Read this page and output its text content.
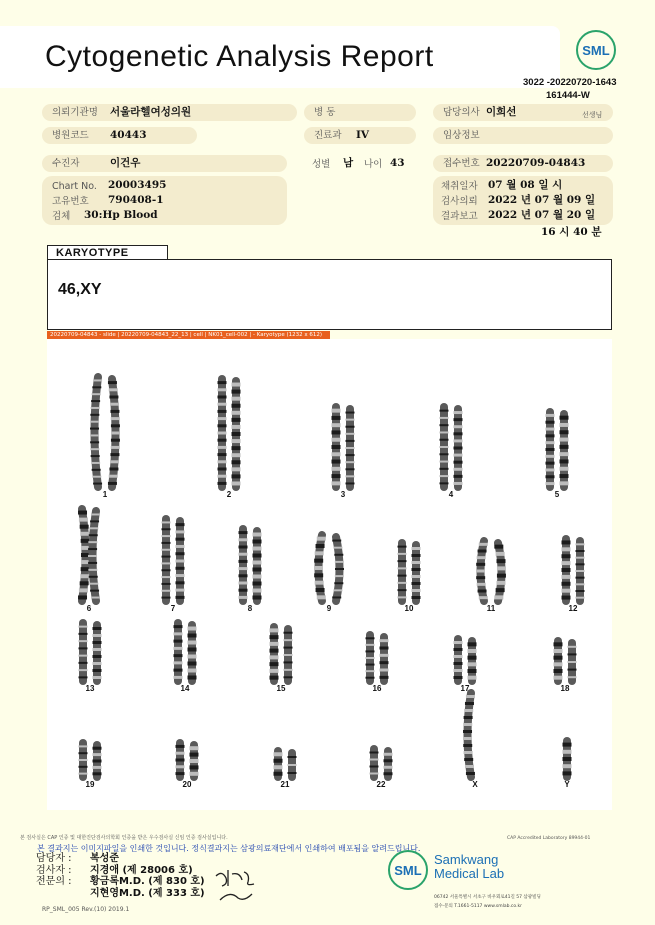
Cytogenetic Analysis Report	SML
3022 -20220720-1643
161444-W
의뢰기관명	서울라헬여성의원	병 동	담당의사 이희선	선생님
병원코드	40443	진료과	IV	임상정보
수진자	이건우	성별 남 나이 43	접수번호 20220709-04843
Chart No. 20003495
고유번호 790408-1
검체 30:Hp Blood
채취일자 07 월 08 일 시
검사의뢰 2022 년 07 월 09 일
결과보고 2022 년 07 월 20 일
16 시 40 분
KARYOTYPE
46,XY
20220709-04843 - slide | 20220709-04843_22_13 | cell | NK01_cell-002 | - Karyotype (1232 x 612)
1	2	3	4	5
6	7	8	9	10	11	12
13	14	15	16	17	18
19	20	21	22	X	Y
본 검사실은 CAP 인증 및 대한진단검사의학회 인증을 받은 우수검사실 신임 인증 검사실입니다.	CAP Accredited Laboratory 89944-01
본 결과지는 이미지파일을 인쇄한 것입니다. 정식결과지는 삼광의료재단에서 인쇄하여 배포됨을 알려드립니다.
담당자 :
검사자 :
전문의 :
복성준
지경애 (제 28006 호)
황금록M.D. (제 830 호)
지현영M.D. (제 333 호)
RP_SML_005 Rev.(10) 2019.1
SML
Samkwang
Medical Lab
06742 서울특별시 서초구 바우뫼로41길 57 삼광빌딩
접수·문의 T.1661-5117 www.smlab.co.kr
